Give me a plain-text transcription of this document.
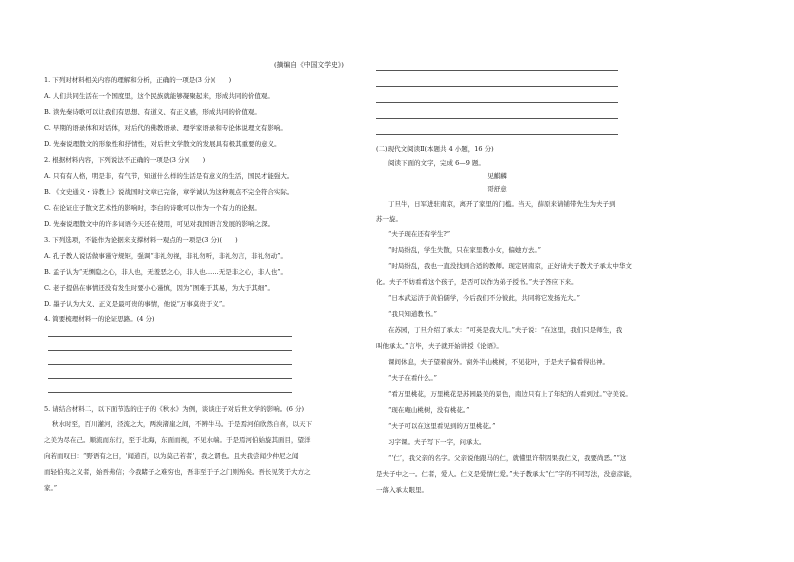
(摘编自《中国文学史》)
1. 下列对材料相关内容的理解和分析，正确的一项是(3 分)(　　)
A. 人们共同生活在一个国度里，这个民族就能够凝聚起来，形成共同的价值观。
B. 读先秦诗歌可以让我们有思想、有道义、有正义感，形成共同的价值观。
C. 早期的语录体和对话体，对后代的佛教语录、理学家语录和专论体说理文有影响。
D. 先秦说理散文的形象性和抒情性，对后世文学散文的发展具有极其重要的意义。
2. 根据材料内容，下列说法不正确的一项是(3 分)(　　)
A. 只有有人格，明是非，有气节，知道什么样的生活是有意义的生活，国民才能强大。
B. 《文史通义・诗教上》说战国时文章已完备，章学诚认为这种观点不完全符合实际。
C. 在论证庄子散文艺术性的影响时，李白的诗歌可以作为一个有力的论据。
D. 先秦说理散文中的许多词语今天还在使用，可见对我国语言发展的影响之深。
3. 下列选项，不能作为论据来支撑材料一观点的一项是(3 分)(　　)
A. 孔子教人说话做事谨守规矩，强调“非礼勿视，非礼勿听，非礼勿言，非礼勿动”。
B. 孟子认为“无恻隐之心，非人也，无羞恶之心，非人也……无是非之心，非人也”。
C. 老子提倡在事情还没有发生时要小心谨慎，因为“图难于其易，为大于其细”。
D. 墨子认为大义、正义是最可贵的事情，他说“万事莫贵于义”。
4. 简要梳理材料一的论证思路。(4 分)
5. 请结合材料二，以下面节选的庄子的《秋水》为例，谈谈庄子对后世文学的影响。(6 分)
秋水时至，百川灌河，泾流之大，两涘渚崖之间，不辨牛马。于是焉河伯欣然自喜，以天下
之美为尽在己。顺流而东行，至于北海，东面而视，不见水端。于是焉河伯始旋其面目，望洋
向若而叹曰：“野语有之曰，‘闻道百，以为莫己若者’，我之谓也。且夫我尝闻少仲尼之闻
而轻伯夷之义者，始吾弗信；今我睹子之难穷也，吾非至于子之门则殆矣。吾长见笑于大方之
家。”
(二)现代文阅读Ⅱ(本题共 4 小题，16 分)
阅读下面的文字，完成 6—9 题。
见麒麟
哥舒意
丁旦牛，日军进驻南京，离开了家里的门槛。当天，薛原来请铺带先生为夫子到
苏一旋。
“夫子现在还有学生?”
“时局纷乱，学生失散，只在家里教小女，偏她方去。”
“时局纷乱，我也一直没找到合适的教师。现定居南京，正好请夫子教犬子承太中华文
化。夫子不妨看看这个孩子，是否可以作为弟子授书。”夫子答应下来。
“日本武运济于黄伯儒学，今后我们不分彼此，共同将它发扬光大。”
“我只知道教书。”
在苏园，丁旦介绍了承太：“可英是我大儿。”夫子说：“在这里，我们只是师生，我
叫他承太。”言毕，夫子就开始讲授《论语》。
课间休息，夫子望着窗外。窗外半山桃树，不见花叶，于是夫子偏看得出神。
“夫子在看什么。”
“看万里桃花，万里桃花是苏园最美的景色，南边只有上了年纪的人看到过。”守美说。
“现在庵山桃树，没有桃花。”
“夫子可以在这里看见到的万里桃花。”
习字课。夫子写下一字，问承太。
“‘仁’，我父亲的名字。父亲说他跟马的仁，就懂里许带因果我仁义，我要尚恶。”“这
是夫子中之一。仁者，爱人。仁义是爱情仁爱。”夫子教承太“仁”字的不同写法，没意彦能，
一落入承太眼里。
